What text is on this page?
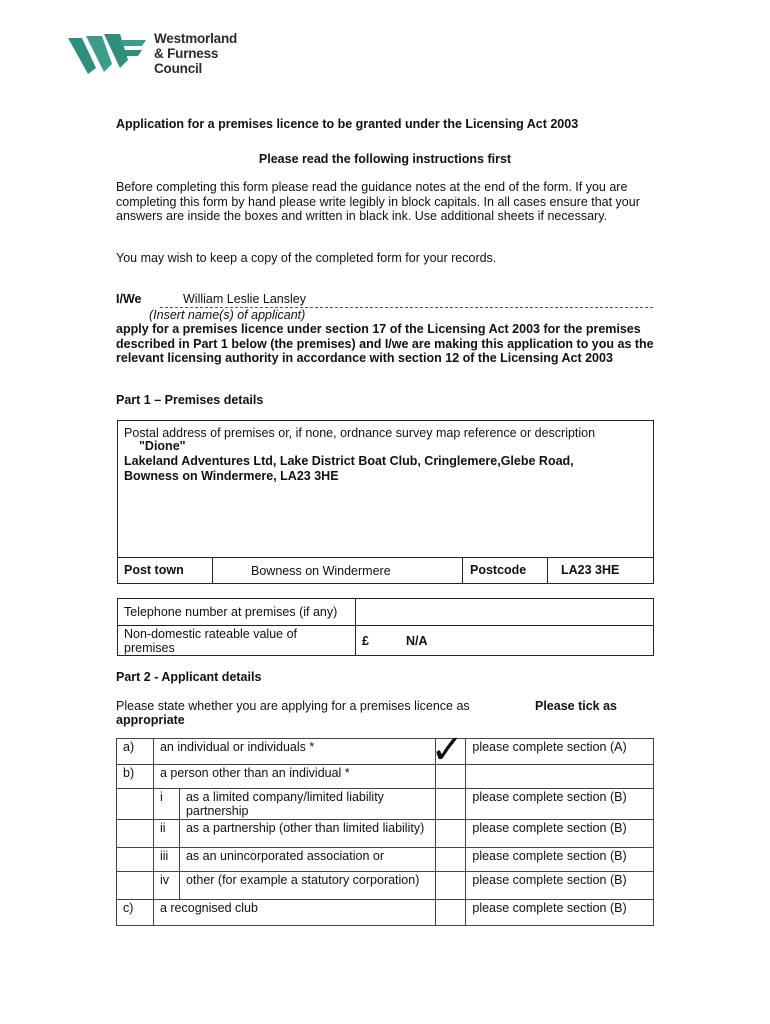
Westmorland
& Furness
Council
Application for a premises licence to be granted under the Licensing Act 2003
Please read the following instructions first
Before completing this form please read the guidance notes at the end of the form. If you are completing this form by hand please write legibly in block capitals. In all cases ensure that your answers are inside the boxes and written in black ink. Use additional sheets if necessary.
You may wish to keep a copy of the completed form for your records.
I/We	William Leslie Lansley
(Insert name(s) of applicant)
apply for a premises licence under section 17 of the Licensing Act 2003 for the premises described in Part 1 below (the premises) and I/we are making this application to you as the relevant licensing authority in accordance with section 12 of the Licensing Act 2003
Part 1 – Premises details
Postal address of premises or, if none, ordnance survey map reference or description
"Dione"
Lakeland Adventures Ltd, Lake District Boat Club, Cringlemere,Glebe Road,
Bowness on Windermere, LA23 3HE
Post town	Bowness on Windermere	Postcode	LA23 3HE
Telephone number at premises (if any)
Non-domestic rateable value of premises	£	N/A
Part 2 - Applicant details
Please state whether you are applying for a premises licence as	Please tick as
appropriate
a)	an individual or individuals *		✓	please complete section (A)
b)	a person other than an individual *			
	i	as a limited company/limited liability partnership		please complete section (B)
	ii	as a partnership (other than limited liability)		please complete section (B)
	iii	as an unincorporated association or		please complete section (B)
	iv	other (for example a statutory corporation)		please complete section (B)
c)	a recognised club			please complete section (B)
